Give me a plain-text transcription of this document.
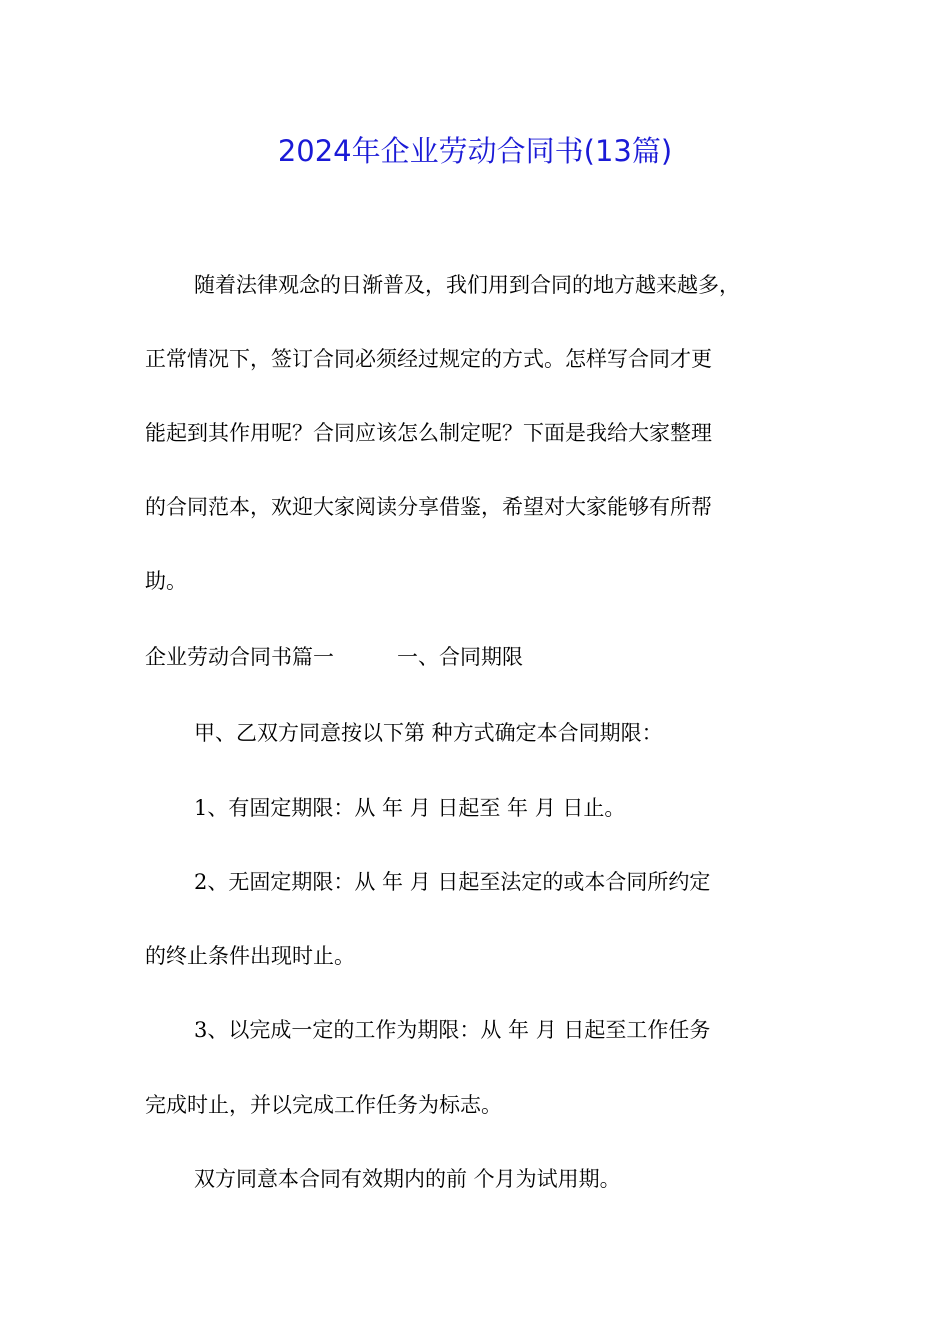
2024年企业劳动合同书(13篇)

随着法律观念的日渐普及，我们用到合同的地方越来越多，

正常情况下，签订合同必须经过规定的方式。怎样写合同才更

能起到其作用呢？合同应该怎么制定呢？下面是我给大家整理

的合同范本，欢迎大家阅读分享借鉴，希望对大家能够有所帮

助。

企业劳动合同书篇一　　　一、合同期限

甲、乙双方同意按以下第 种方式确定本合同期限：

1、有固定期限：从 年 月 日起至 年 月 日止。

2、无固定期限：从 年 月 日起至法定的或本合同所约定

的终止条件出现时止。

3、以完成一定的工作为期限：从 年 月 日起至工作任务

完成时止，并以完成工作任务为标志。

双方同意本合同有效期内的前 个月为试用期。
